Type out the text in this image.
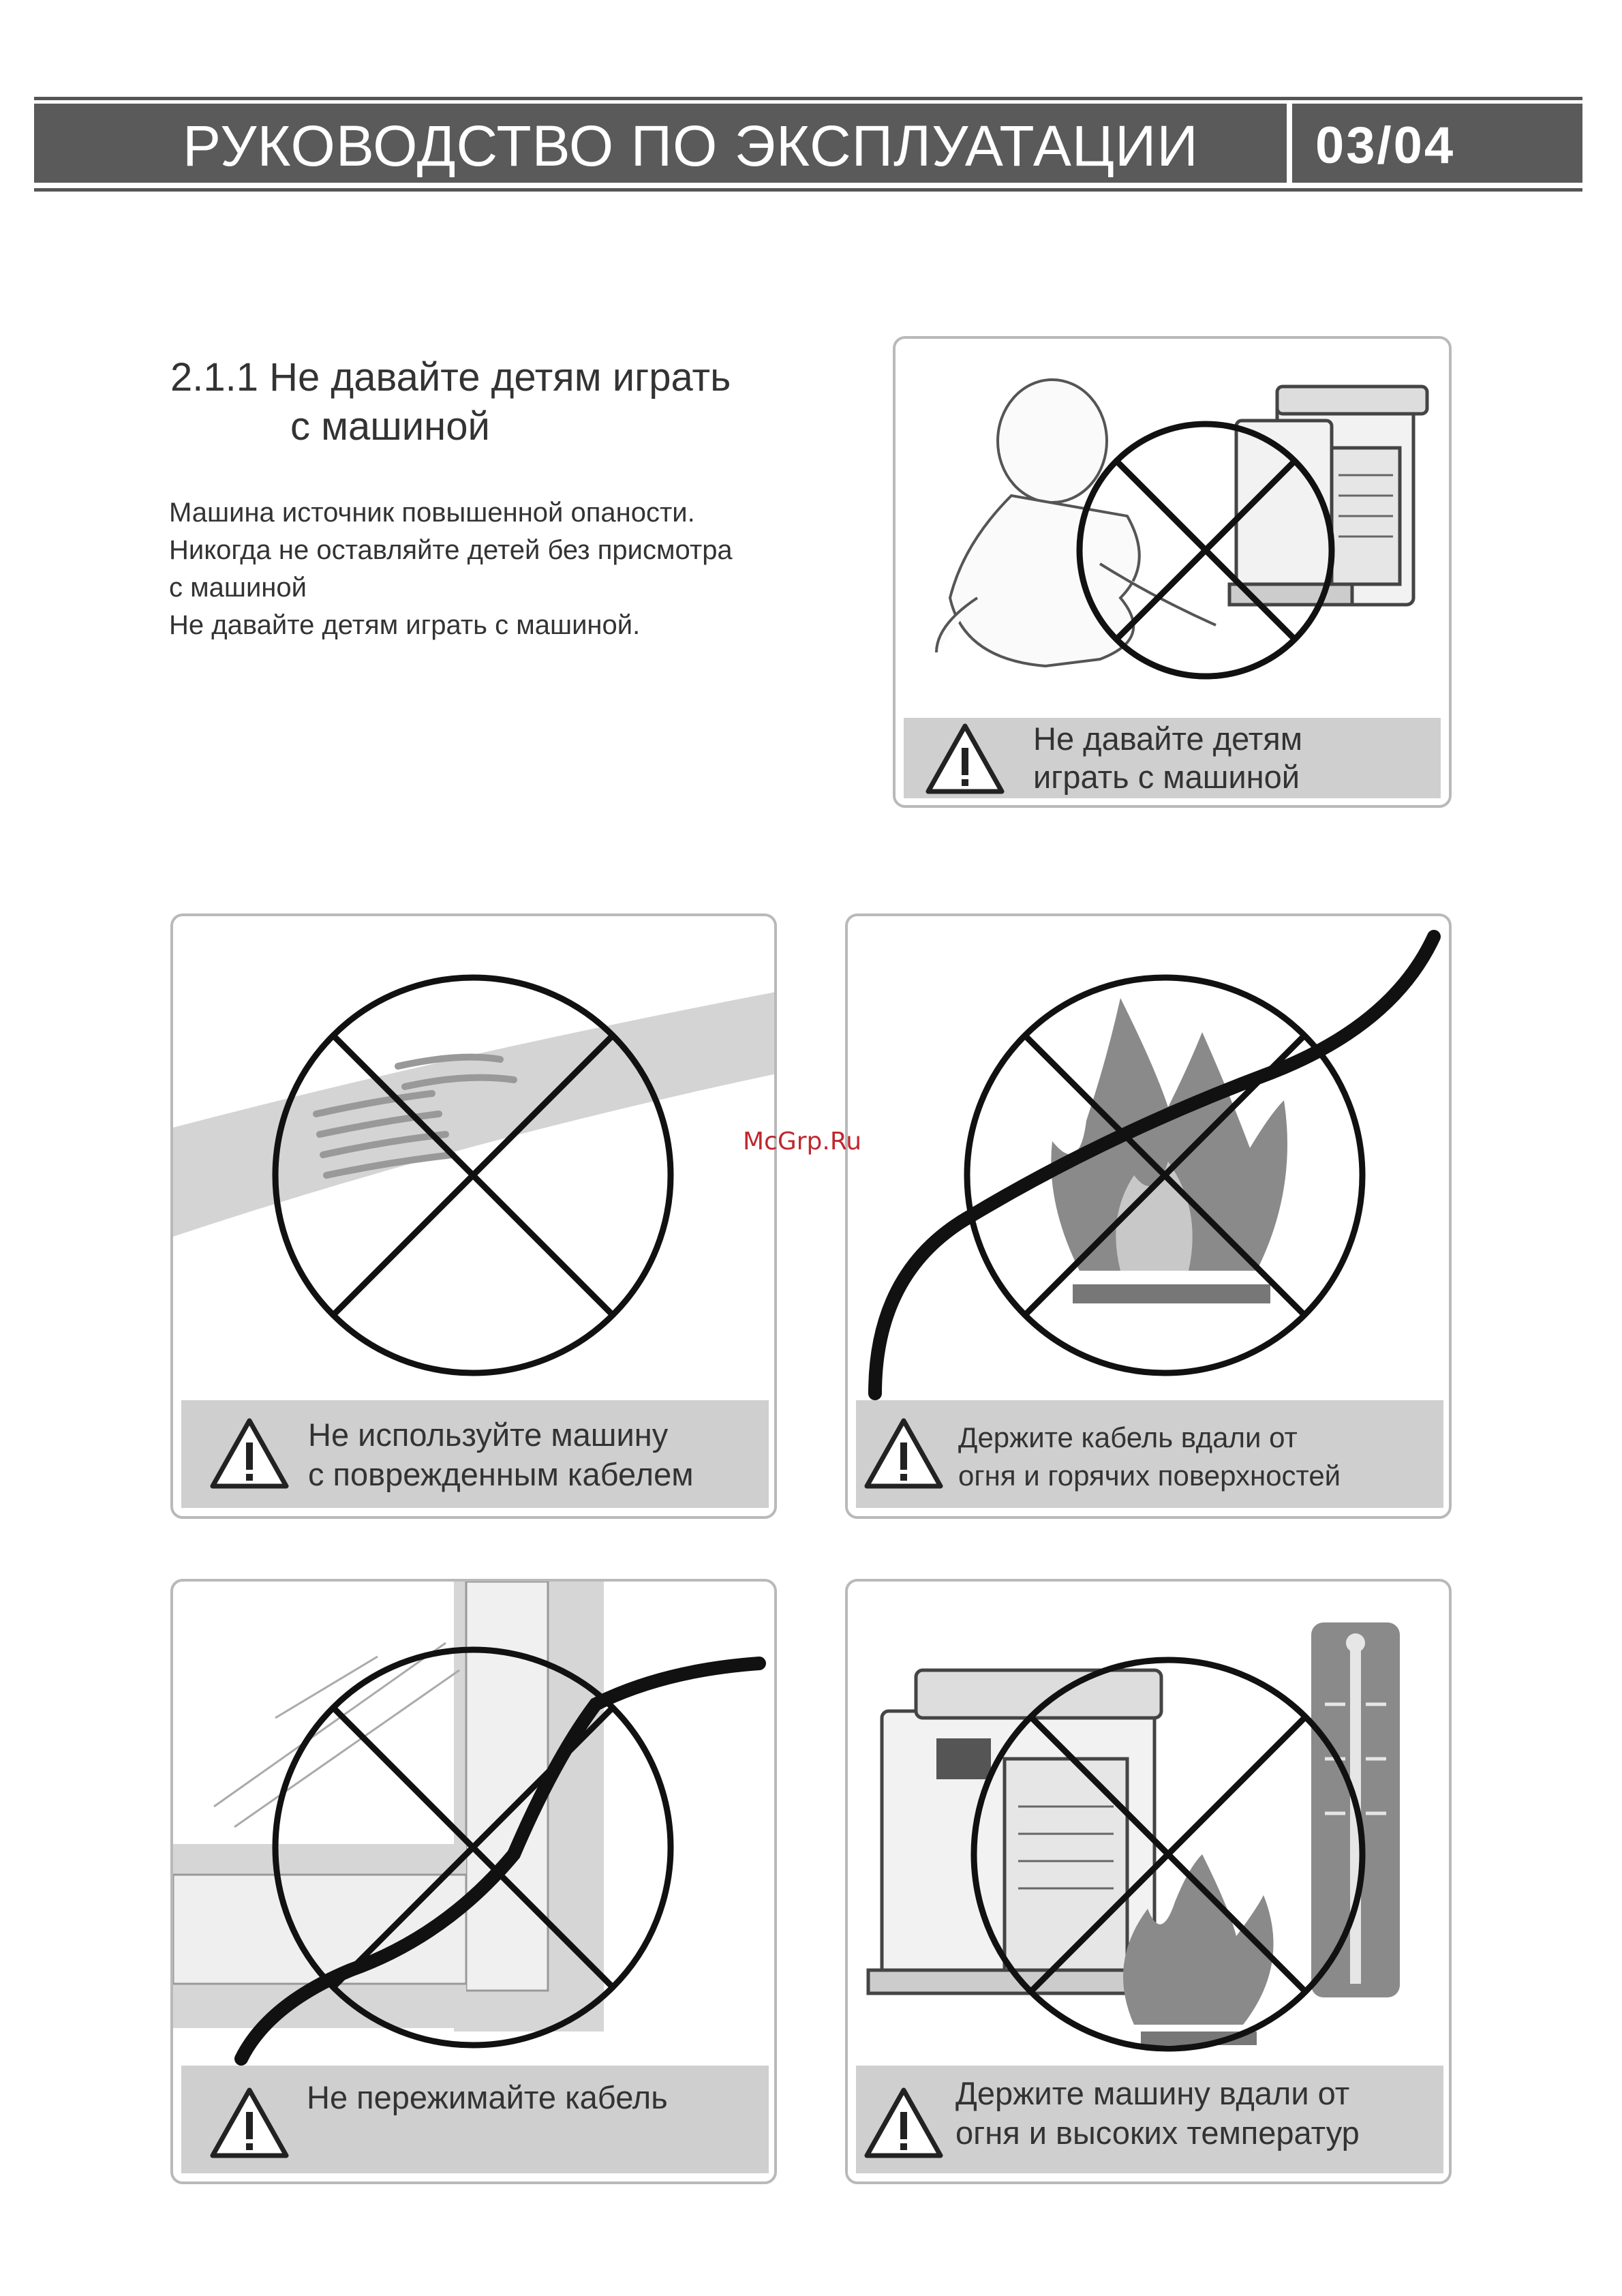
РУКОВОДСТВО ПО ЭКСПЛУАТАЦИИ 03/04
2.1.1 Не давайте детям играть
с машиной
Машина источник повышенной опаности.
Никогда не оставляйте детей без присмотра
с машиной
Не давайте детям играть с машиной.
Не давайте детям
играть с машиной
Не используйте машину
с поврежденным кабелем
Держите кабель вдали от
огня и горячих поверхностей
Не пережимайте кабель	Держите машину вдали от
огня и высоких температур
McGrp.Ru
